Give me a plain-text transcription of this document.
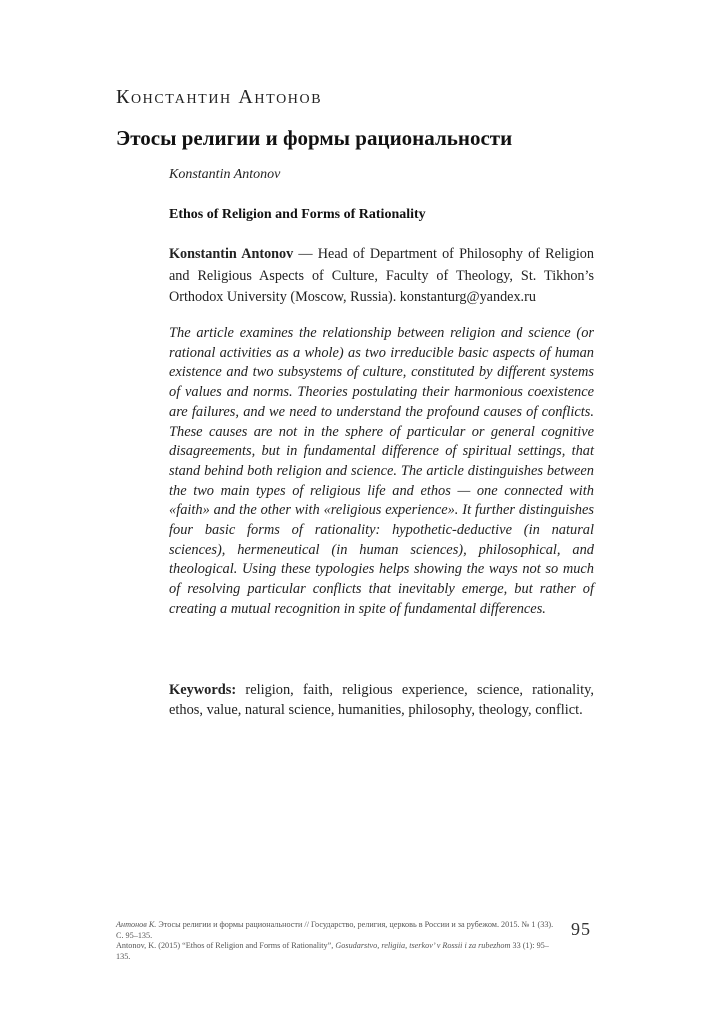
Константин Антонов
Этосы религии и формы рациональности
Konstantin Antonov
Ethos of Religion and Forms of Rationality
Konstantin Antonov — Head of Department of Philosophy of Religion and Religious Aspects of Culture, Faculty of Theology, St. Tikhon’s Orthodox University (Moscow, Russia). konstanturg@yandex.ru
The article examines the relationship between religion and science (or rational activities as a whole) as two irreducible basic aspects of human existence and two subsystems of culture, constituted by different systems of values and norms. Theories postulating their harmonious coexistence are failures, and we need to understand the profound causes of conflicts. These causes are not in the sphere of particular or general cognitive disagreements, but in fundamental difference of spiritual settings, that stand behind both religion and science. The article distinguishes between the two main types of religious life and ethos — one connected with «faith» and the other with «religious experience». It further distinguishes four basic forms of rationality: hypothetic-deductive (in natural sciences), hermeneutical (in human sciences), philosophical, and theological. Using these typologies helps showing the ways not so much of resolving particular conflicts that inevitably emerge, but rather of creating a mutual recognition in spite of fundamental differences.
Keywords: religion, faith, religious experience, science, rationality, ethos, value, natural science, humanities, philosophy, theology, conflict.

Антонов К. Этосы религии и формы рациональности // Государство, религия, церковь в России и за рубежом. 2015. № 1 (33). С. 95–135.

Antonov, K. (2015) “Ethos of Religion and Forms of Rationality”, Gosudarstvo, religiia, tserkov’ v Rossii i za rubezhom 33 (1): 95–135.

95
